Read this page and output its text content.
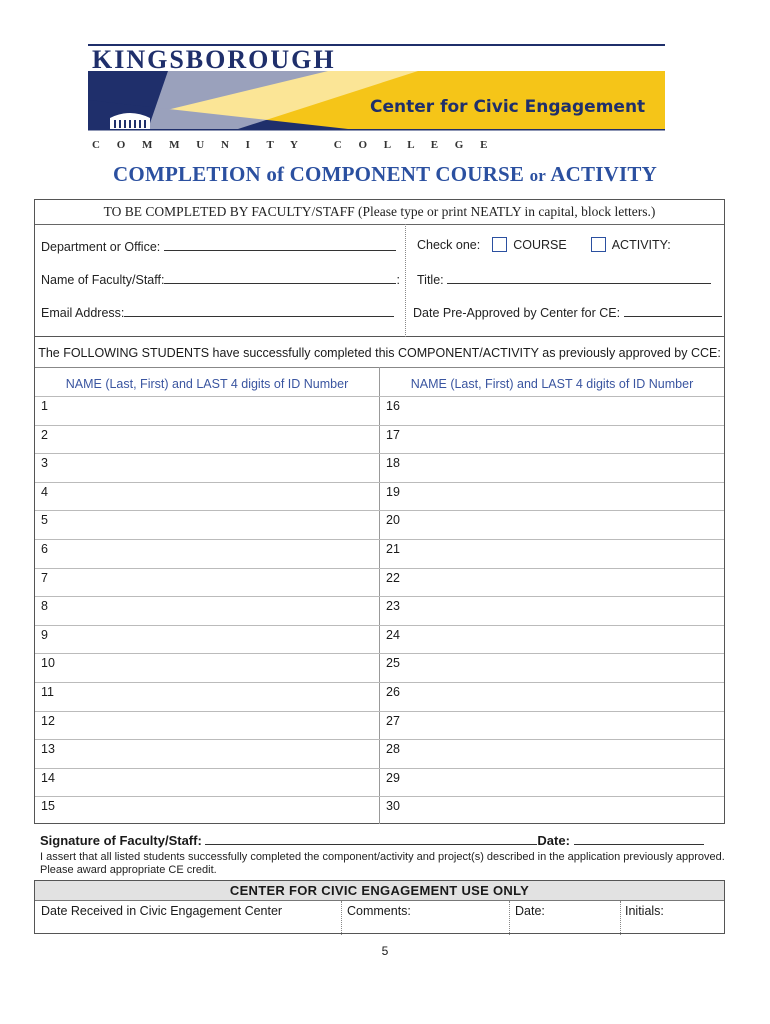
KINGSBOROUGH
Center for Civic Engagement
C O M M U N I T Y   C O L L E G E
COMPLETION of COMPONENT COURSE or ACTIVITY
TO BE COMPLETED BY FACULTY/STAFF (Please type or print NEATLY in capital, block letters.)
Department or Office:	Check one:	COURSE	ACTIVITY:
Name of Faculty/Staff:	: Title:
Email Address:	Date Pre-Approved by Center for CE:
The FOLLOWING STUDENTS have successfully completed this COMPONENT/ACTIVITY as previously approved by CCE:
NAME (Last, First) and LAST 4 digits of ID Number	NAME (Last, First) and LAST 4 digits of ID Number
1	16
2	17
3	18
4	19
5	20
6	21
7	22
8	23
9	24
10	25
11	26
12	27
13	28
14	29
15	30
Signature of Faculty/Staff:	Date:
I assert that all listed students successfully completed the component/activity and project(s) described in the application previously approved. Please award appropriate CE credit.
CENTER FOR CIVIC ENGAGEMENT USE ONLY
Date Received in Civic Engagement Center	Comments:	Date:	Initials:
5
